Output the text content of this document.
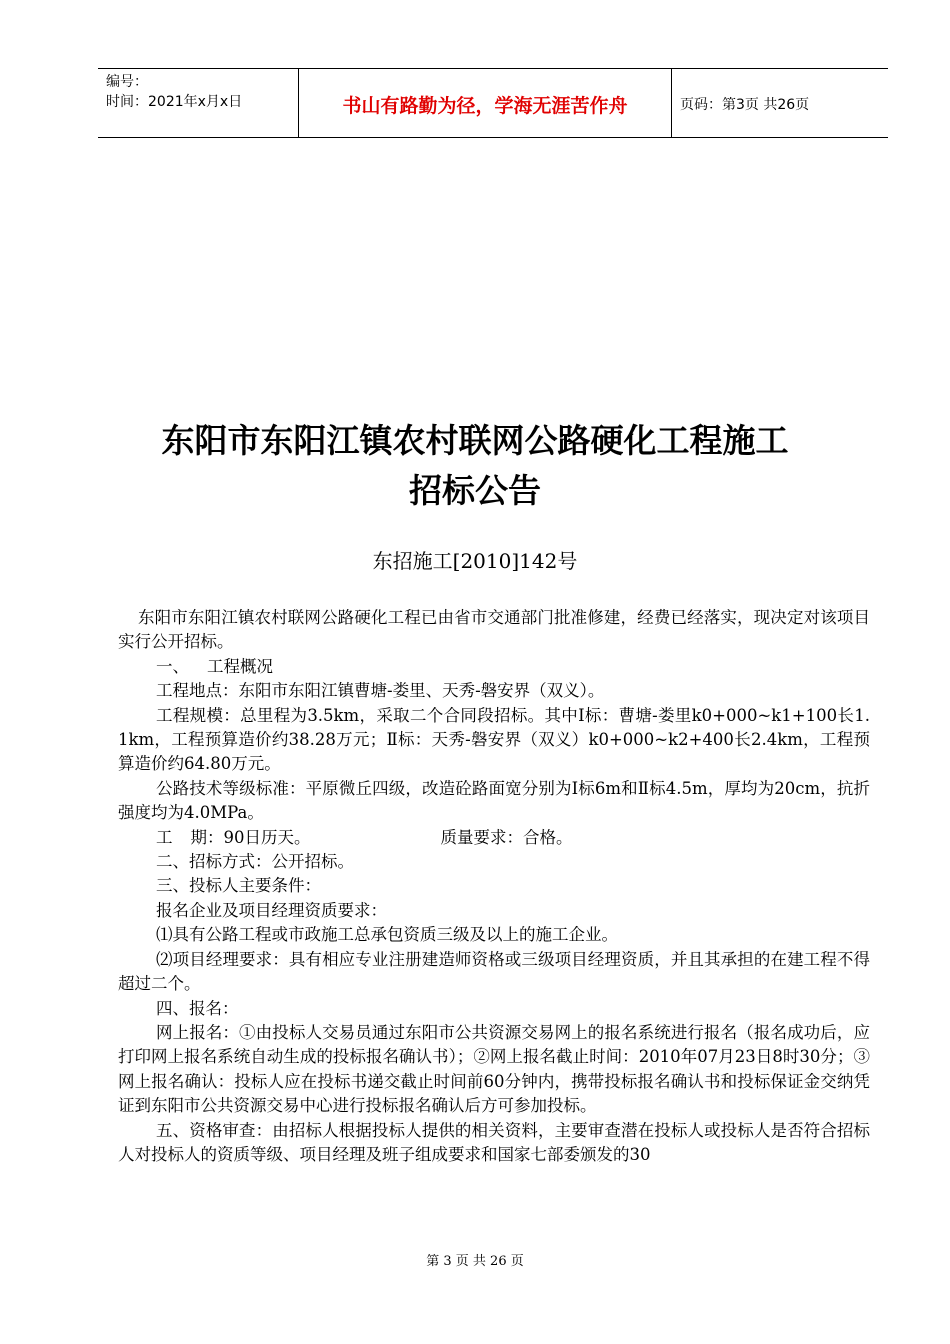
编号：
时间：2021年x月x日	书山有路勤为径，学海无涯苦作舟	页码：第3页 共26页
东阳市东阳江镇农村联网公路硬化工程施工
招标公告
东招施工[2010]142号

东阳市东阳江镇农村联网公路硬化工程已由省市交通部门批准修建，经费已经落实，现决定对该项目实行公开招标。

一、 工程概况

工程地点：东阳市东阳江镇曹塘-娄里、天秀-磐安界（双义）。

工程规模：总里程为3.5km，采取二个合同段招标。其中I标：曹塘-娄里k0+000~k1+100长1. 1km，工程预算造价约38.28万元；Ⅱ标：天秀-磐安界（双义）k0+000~k2+400长2.4km，工程预算造价约64.80万元。

公路技术等级标准：平原微丘四级，改造砼路面宽分别为I标6m和Ⅱ标4.5m，厚均为20cm，抗折强度均为4.0MPa。

工 期：90日历天。	质量要求：合格。

二、招标方式：公开招标。

三、投标人主要条件：

报名企业及项目经理资质要求：

⑴具有公路工程或市政施工总承包资质三级及以上的施工企业。

⑵项目经理要求：具有相应专业注册建造师资格或三级项目经理资质，并且其承担的在建工程不得超过二个。

四、报名：

网上报名：①由投标人交易员通过东阳市公共资源交易网上的报名系统进行报名（报名成功后，应打印网上报名系统自动生成的投标报名确认书）；②网上报名截止时间：2010年07月23日8时30分；③网上报名确认：投标人应在投标书递交截止时间前60分钟内，携带投标报名确认书和投标保证金交纳凭证到东阳市公共资源交易中心进行投标报名确认后方可参加投标。

五、资格审查：由招标人根据投标人提供的相关资料，主要审查潜在投标人或投标人是否符合招标人对投标人的资质等级、项目经理及班子组成要求和国家七部委颁发的30

第 3 页 共 26 页
